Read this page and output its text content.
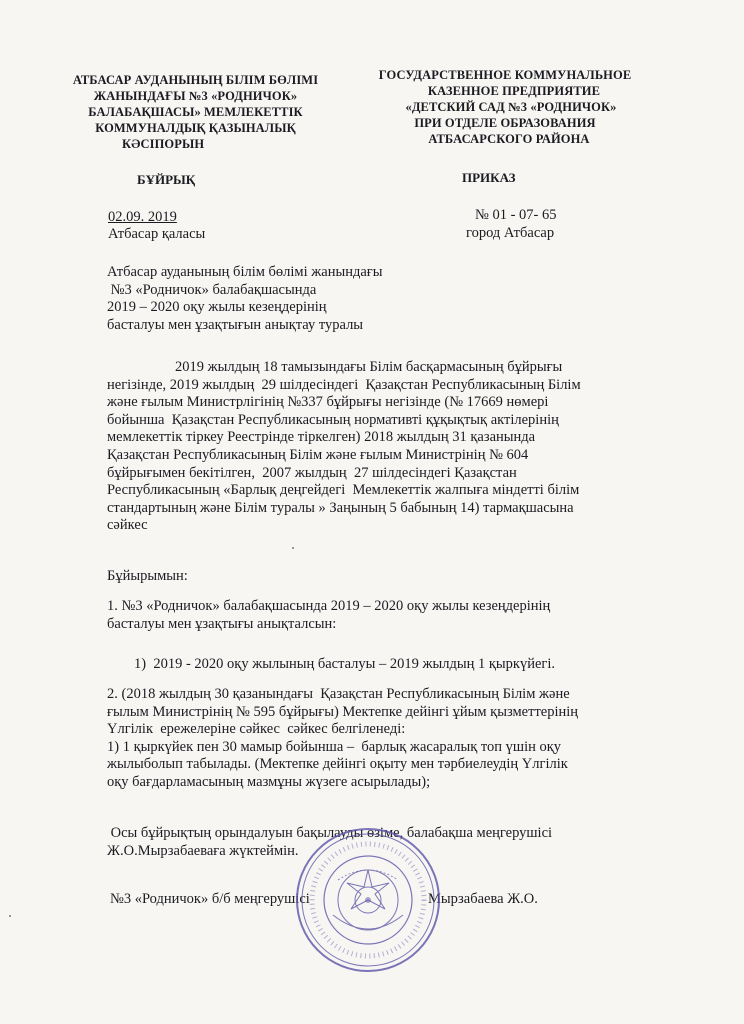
АТБАСАР АУДАНЫНЫҢ БІЛІМ БӨЛІМІ
ЖАНЫНДАҒЫ №3 «РОДНИЧОК»
БАЛАБАҚШАСЫ» МЕМЛЕКЕТТІК
КОММУНАЛДЫҚ ҚАЗЫНАЛЫҚ
КӘСІПОРЫН
ГОСУДАРСТВЕННОЕ КОММУНАЛЬНОЕ
КАЗЕННОЕ ПРЕДПРИЯТИЕ
«ДЕТСКИЙ САД №3 «РОДНИЧОК»
ПРИ ОТДЕЛЕ ОБРАЗОВАНИЯ
АТБАСАРСКОГО РАЙОНА
БҰЙРЫҚ	ПРИКАЗ
02.09. 2019
Атбасар қаласы
№ 01 - 07- 65
город Атбасар
Атбасар ауданының білім бөлімі жанындағы
№3 «Родничок» балабақшасында
2019 – 2020 оқу жылы кезеңдерінің
басталуы мен ұзақтығын анықтау туралы
2019 жылдың 18 тамызындағы Білім басқармасының бұйрығы
негізінде, 2019 жылдың  29 шілдесіндегі  Қазақстан Республикасының Білім
және ғылым Министрлігінің №337 бұйрығы негізінде (№ 17669 нөмері
бойынша  Қазақстан Республикасының нормативті құқықтық актілерінің
мемлекеттік тіркеу Реестрінде тіркелген) 2018 жылдың 31 қазанында
Қазақстан Республикасының Білім және ғылым Министрінің № 604
бұйрығымен бекітілген,  2007 жылдың  27 шілдесіндегі Қазақстан
Республикасының «Барлық деңгейдегі  Мемлекеттік жалпыға міндетті білім
стандартының және Білім туралы » Заңының 5 бабының 14) тармақшасына
сәйкес
Бұйырымын:
1. №3 «Родничок» балабақшасында 2019 – 2020 оқу жылы кезеңдерінің
басталуы мен ұзақтығы анықталсын:
1)  2019 - 2020 оқу жылының басталуы – 2019 жылдың 1 қыркүйегі.
2. (2018 жылдың 30 қазанындағы  Қазақстан Республикасының Білім және
ғылым Министрінің № 595 бұйрығы) Мектепке дейінгі ұйым қызметтерінің
Үлгілік  ережелеріне сәйкес  сәйкес белгіленеді:
1) 1 қыркүйек пен 30 мамыр бойынша –  барлық жасаралық топ үшін оқу
жылыболып табылады. (Мектепке дейінгі оқыту мен тәрбиелеудің Үлгілік
оқу бағдарламасының мазмұны жүзеге асырылады);
Осы бұйрықтың орындалуын бақылауды өзіме, балабақша меңгерушісі
Ж.О.Мырзабаеваға жүктеймін.
№3 «Родничок» б/б меңгерушісі	Мырзабаева Ж.О.
